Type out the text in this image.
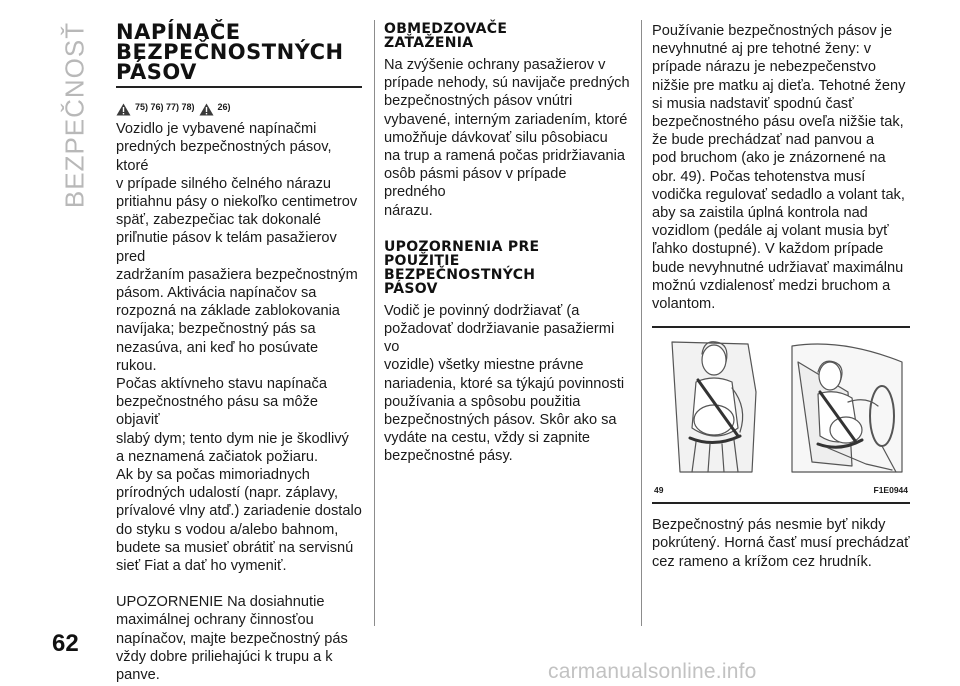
BEZPEČNOSŤ
62
NAPÍNAČE
BEZPEČNOSTNÝCH
PÁSOV
75) 76) 77) 78)	26)

Vozidlo je vybavené napínačmi

predných bezpečnostných pásov, ktoré

v prípade silného čelného nárazu

pritiahnu pásy o niekoľko centimetrov

späť, zabezpečiac tak dokonalé

priľnutie pásov k telám pasažierov pred

zadržaním pasažiera bezpečnostným

pásom. Aktivácia napínačov sa

rozpozná na základe zablokovania

navíjaka; bezpečnostný pás sa

nezasúva, ani keď ho posúvate rukou.

Počas aktívneho stavu napínača

bezpečnostného pásu sa môže objaviť

slabý dym; tento dym nie je škodlivý

a neznamená začiatok požiaru.

Ak by sa počas mimoriadnych

prírodných udalostí (napr. záplavy,

prívalové vlny atď.) zariadenie dostalo

do styku s vodou a/alebo bahnom,

budete sa musieť obrátiť na servisnú

sieť Fiat a dať ho vymeniť.

UPOZORNENIE Na dosiahnutie

maximálnej ochrany činnosťou

napínačov, majte bezpečnostný pás

vždy dobre priliehajúci k trupu a k

panve.

OBMEDZOVAČE
ZAŤAŽENIA

Na zvýšenie ochrany pasažierov v

prípade nehody, sú navijače predných

bezpečnostných pásov vnútri

vybavené, interným zariadením, ktoré

umožňuje dávkovať silu pôsobiacu

na trup a ramená počas pridržiavania

osôb pásmi pásov v prípade predného

nárazu.

UPOZORNENIA PRE
POUŽITIE
BEZPEČNOSTNÝCH
PÁSOV

Vodič je povinný dodržiavať (a

požadovať dodržiavanie pasažiermi vo

vozidle) všetky miestne právne

nariadenia, ktoré sa týkajú povinnosti

používania a spôsobu použitia

bezpečnostných pásov. Skôr ako sa

vydáte na cestu, vždy si zapnite

bezpečnostné pásy.

Používanie bezpečnostných pásov je

nevyhnutné aj pre tehotné ženy: v

prípade nárazu je nebezpečenstvo

nižšie pre matku aj dieťa. Tehotné ženy

si musia nadstaviť spodnú časť

bezpečnostného pásu oveľa nižšie tak,

že bude prechádzať nad panvou a

pod bruchom (ako je znázornené na

obr. 49). Počas tehotenstva musí

vodička regulovať sedadlo a volant tak,

aby sa zaistila úplná kontrola nad

vozidlom (pedále aj volant musia byť

ľahko dostupné). V každom prípade

bude nevyhnutné udržiavať maximálnu

možnú vzdialenosť medzi bruchom a

volantom.

49	F1E0944

Bezpečnostný pás nesmie byť nikdy

pokrútený. Horná časť musí prechádzať

cez rameno a krížom cez hrudník.

carmanualsonline.info
